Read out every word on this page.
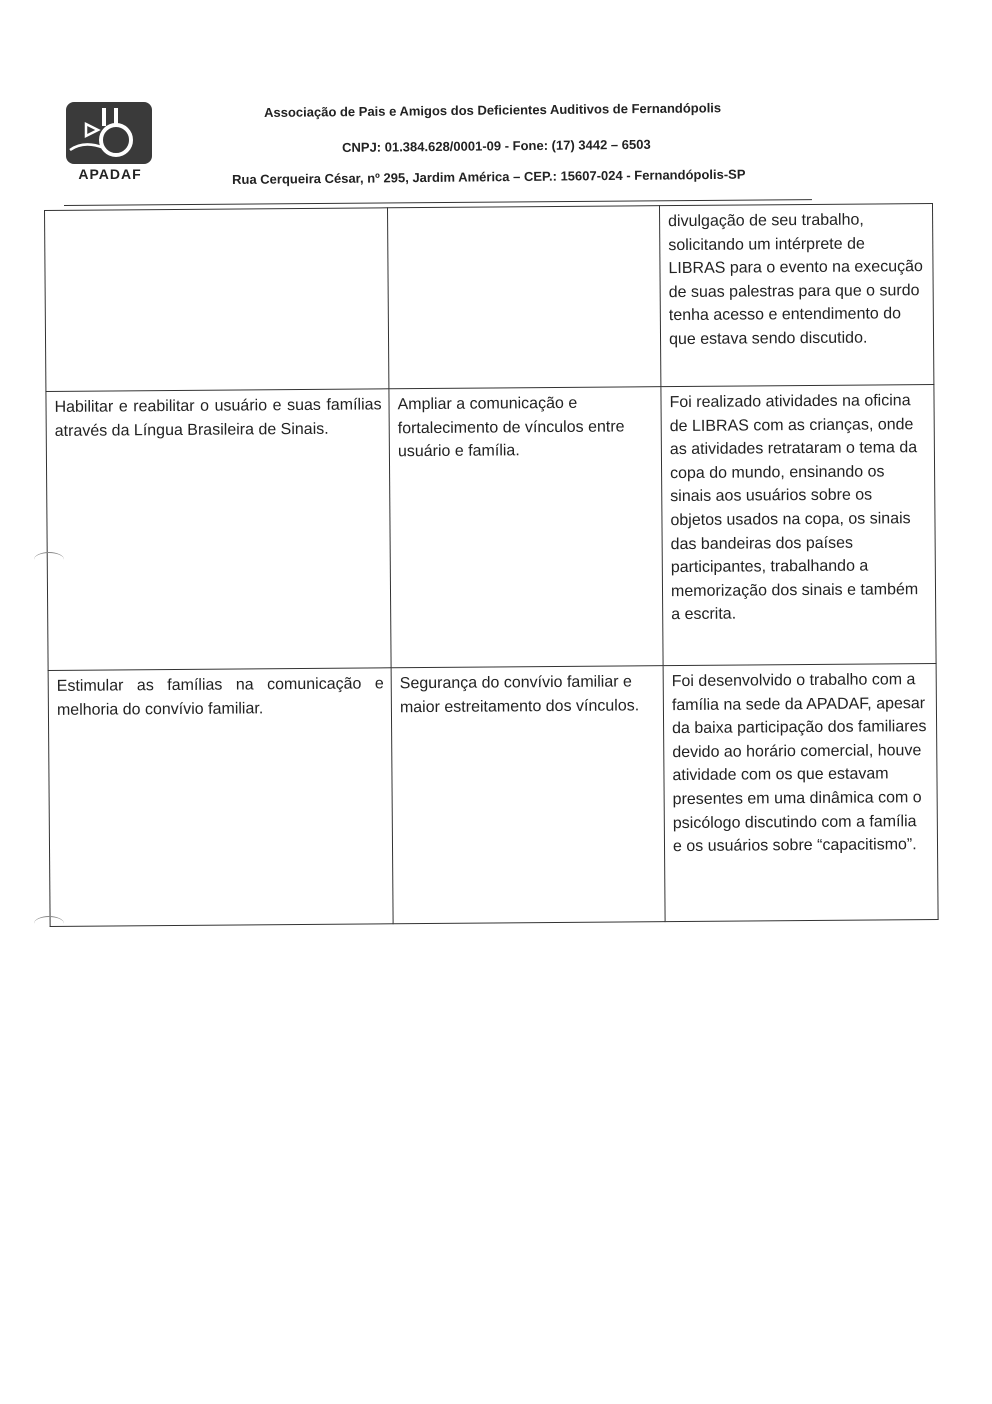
APADAF
Associação de Pais e Amigos dos Deficientes Auditivos de Fernandópolis
CNPJ: 01.384.628/0001-09 - Fone: (17) 3442 – 6503
Rua Cerqueira César, nº 295, Jardim América – CEP.: 15607-024 - Fernandópolis-SP

		divulgação de seu trabalho, solicitando um intérprete de LIBRAS para o evento na execução de suas palestras para que o surdo tenha acesso e entendimento do que estava sendo discutido.

Habilitar e reabilitar o usuário e suas famílias através da Língua Brasileira de Sinais.	Ampliar a comunicação e fortalecimento de vínculos entre usuário e família.	Foi realizado atividades na oficina de LIBRAS com as crianças, onde as atividades retrataram o tema da copa do mundo, ensinando os sinais aos usuários sobre os objetos usados na copa, os sinais das bandeiras dos países participantes, trabalhando a memorização dos sinais e também a escrita.

Estimular as famílias na comunicação e melhoria do convívio familiar.	Segurança do convívio familiar e maior estreitamento dos vínculos.	Foi desenvolvido o trabalho com a família na sede da APADAF, apesar da baixa participação dos familiares devido ao horário comercial, houve atividade com os que estavam presentes em uma dinâmica com o psicólogo discutindo com a família e os usuários sobre “capacitismo”.
